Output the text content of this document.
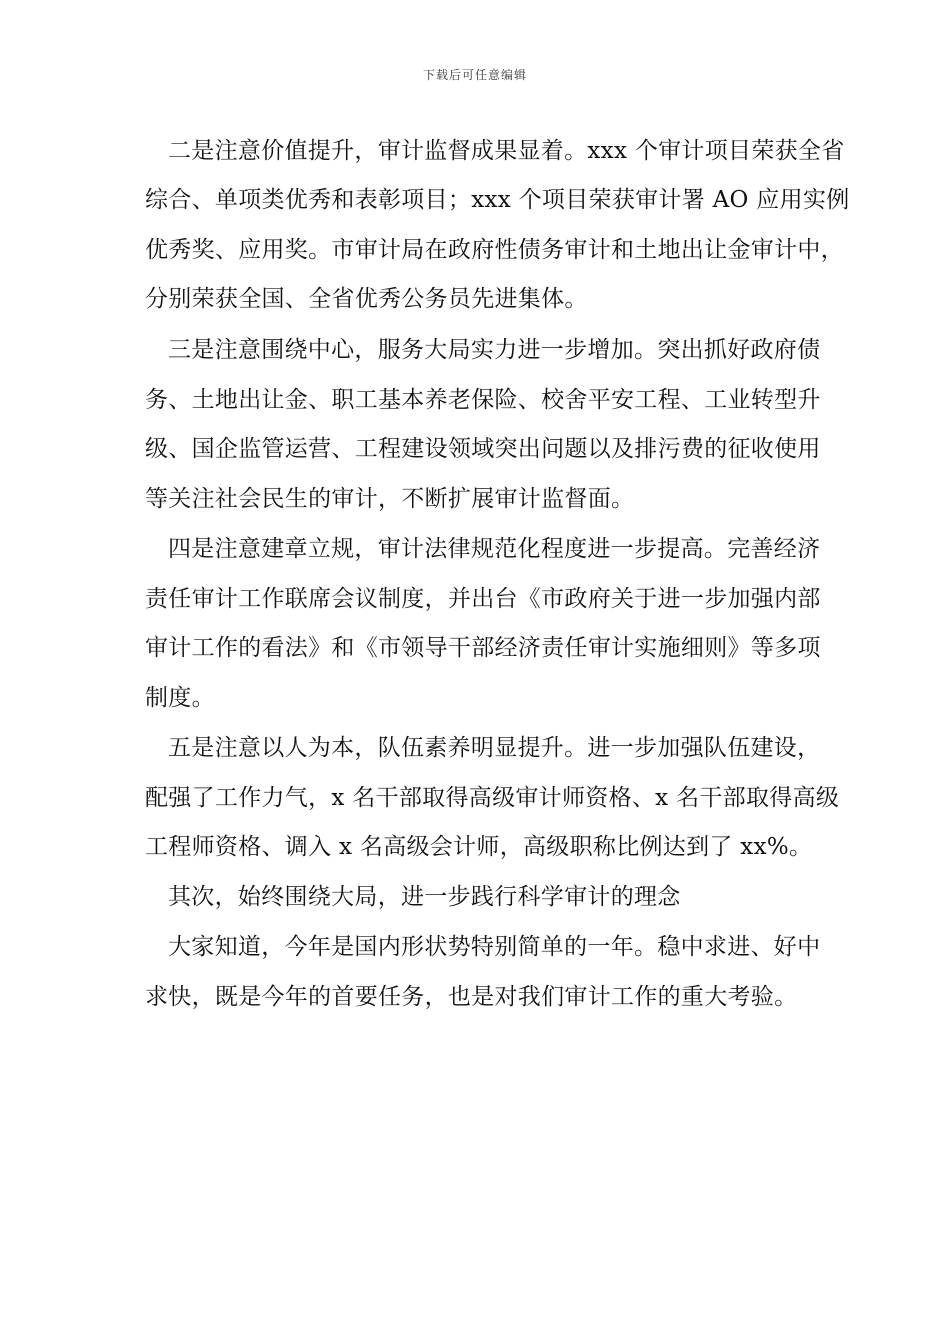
下载后可任意编辑
二是注意价值提升，审计监督成果显着。xxx 个审计项目荣获全省
综合、单项类优秀和表彰项目；xxx 个项目荣获审计署 AO 应用实例
优秀奖、应用奖。市审计局在政府性债务审计和土地出让金审计中，
分别荣获全国、全省优秀公务员先进集体。
三是注意围绕中心，服务大局实力进一步增加。突出抓好政府债
务、土地出让金、职工基本养老保险、校舍平安工程、工业转型升
级、国企监管运营、工程建设领域突出问题以及排污费的征收使用
等关注社会民生的审计，不断扩展审计监督面。
四是注意建章立规，审计法律规范化程度进一步提高。完善经济
责任审计工作联席会议制度，并出台《市政府关于进一步加强内部
审计工作的看法》和《市领导干部经济责任审计实施细则》等多项
制度。
五是注意以人为本，队伍素养明显提升。进一步加强队伍建设，
配强了工作力气，x 名干部取得高级审计师资格、x 名干部取得高级
工程师资格、调入 x 名高级会计师，高级职称比例达到了 xx%。
其次，始终围绕大局，进一步践行科学审计的理念
大家知道，今年是国内形状势特别简单的一年。稳中求进、好中
求快，既是今年的首要任务，也是对我们审计工作的重大考验。
